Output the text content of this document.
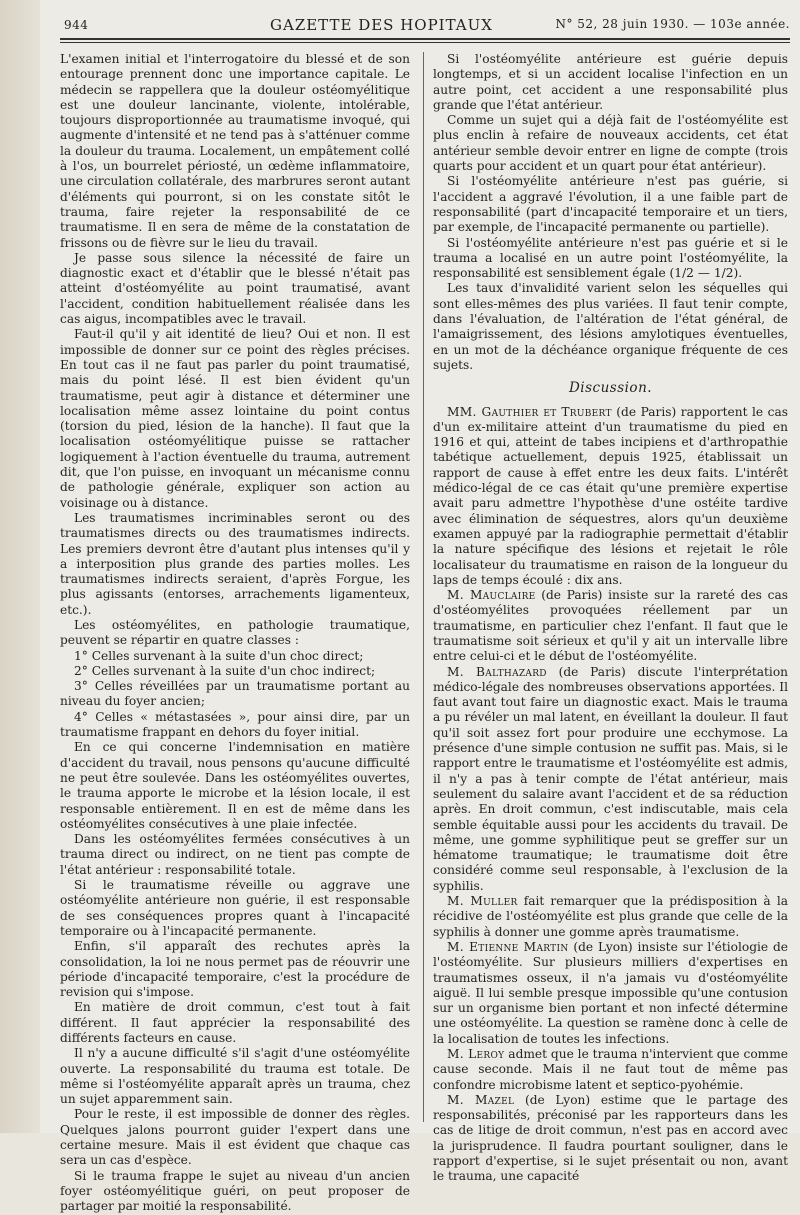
944	GAZETTE DES HOPITAUX	N° 52, 28 juin 1930. — 103e année.

L'examen initial et l'interrogatoire du blessé et de son entourage prennent donc une importance capitale. Le médecin se rappellera que la douleur ostéomyélitique est une douleur lancinante, violente, intolérable, toujours disproportionnée au traumatisme invoqué, qui augmente d'intensité et ne tend pas à s'atténuer comme la douleur du trauma. Localement, un empâtement collé à l'os, un bourrelet périosté, un œdème inflammatoire, une circulation collatérale, des marbrures seront autant d'éléments qui pourront, si on les constate sitôt le trauma, faire rejeter la responsabilité de ce traumatisme. Il en sera de même de la constatation de frissons ou de fièvre sur le lieu du travail.

Je passe sous silence la nécessité de faire un diagnostic exact et d'établir que le blessé n'était pas atteint d'ostéomyélite au point traumatisé, avant l'accident, condition habituellement réalisée dans les cas aigus, incompatibles avec le travail.

Faut-il qu'il y ait identité de lieu? Oui et non. Il est impossible de donner sur ce point des règles précises. En tout cas il ne faut pas parler du point traumatisé, mais du point lésé. Il est bien évident qu'un traumatisme, peut agir à distance et déterminer une localisation même assez lointaine du point contus (torsion du pied, lésion de la hanche). Il faut que la localisation ostéomyélitique puisse se rattacher logiquement à l'action éventuelle du trauma, autrement dit, que l'on puisse, en invoquant un mécanisme connu de pathologie générale, expliquer son action au voisinage ou à distance.

Les traumatismes incriminables seront ou des traumatismes directs ou des traumatismes indirects. Les premiers devront être d'autant plus intenses qu'il y a interposition plus grande des parties molles. Les traumatismes indirects seraient, d'après Forgue, les plus agissants (entorses, arrachements ligamenteux, etc.).

Les ostéomyélites, en pathologie traumatique, peuvent se répartir en quatre classes :

1° Celles survenant à la suite d'un choc direct;

2° Celles survenant à la suite d'un choc indirect;

3° Celles réveillées par un traumatisme portant au niveau du foyer ancien;

4° Celles « métastasées », pour ainsi dire, par un traumatisme frappant en dehors du foyer initial.

En ce qui concerne l'indemnisation en matière d'accident du travail, nous pensons qu'aucune difficulté ne peut être soulevée. Dans les ostéomyélites ouvertes, le trauma apporte le microbe et la lésion locale, il est responsable entièrement. Il en est de même dans les ostéomyélites consécutives à une plaie infectée.

Dans les ostéomyélites fermées consécutives à un trauma direct ou indirect, on ne tient pas compte de l'état antérieur : responsabilité totale.

Si le traumatisme réveille ou aggrave une ostéomyélite antérieure non guérie, il est responsable de ses conséquences propres quant à l'incapacité temporaire ou à l'incapacité permanente.

Enfin, s'il apparaît des rechutes après la consolidation, la loi ne nous permet pas de réouvrir une période d'incapacité temporaire, c'est la procédure de revision qui s'impose.

En matière de droit commun, c'est tout à fait différent. Il faut apprécier la responsabilité des différents facteurs en cause.

Il n'y a aucune difficulté s'il s'agit d'une ostéomyélite ouverte. La responsabilité du trauma est totale. De même si l'ostéomyélite apparaît après un trauma, chez un sujet apparemment sain.

Pour le reste, il est impossible de donner des règles. Quelques jalons pourront guider l'expert dans une certaine mesure. Mais il est évident que chaque cas sera un cas d'espèce.

Si le trauma frappe le sujet au niveau d'un ancien foyer ostéomyélitique guéri, on peut proposer de partager par moitié la responsabilité.

Si l'ostéomyélite antérieure est guérie depuis longtemps, et si un accident localise l'infection en un autre point, cet accident a une responsabilité plus grande que l'état antérieur.

Comme un sujet qui a déjà fait de l'ostéomyélite est plus enclin à refaire de nouveaux accidents, cet état antérieur semble devoir entrer en ligne de compte (trois quarts pour accident et un quart pour état antérieur).

Si l'ostéomyélite antérieure n'est pas guérie, si l'accident a aggravé l'évolution, il a une faible part de responsabilité (part d'incapacité temporaire et un tiers, par exemple, de l'incapacité permanente ou partielle).

Si l'ostéomyélite antérieure n'est pas guérie et si le trauma a localisé en un autre point l'ostéomyélite, la responsabilité est sensiblement égale (1/2 — 1/2).

Les taux d'invalidité varient selon les séquelles qui sont elles-mêmes des plus variées. Il faut tenir compte, dans l'évaluation, de l'altération de l'état général, de l'amaigrissement, des lésions amylotiques éventuelles, en un mot de la déchéance organique fréquente de ces sujets.

Discussion.

MM. Gauthier et Trubert (de Paris) rapportent le cas d'un ex-militaire atteint d'un traumatisme du pied en 1916 et qui, atteint de tabes incipiens et d'arthropathie tabétique actuellement, depuis 1925, établissait un rapport de cause à effet entre les deux faits. L'intérêt médico-légal de ce cas était qu'une première expertise avait paru admettre l'hypothèse d'une ostéite tardive avec élimination de séquestres, alors qu'un deuxième examen appuyé par la radiographie permettait d'établir la nature spécifique des lésions et rejetait le rôle localisateur du traumatisme en raison de la longueur du laps de temps écoulé : dix ans.

M. Mauclaire (de Paris) insiste sur la rareté des cas d'ostéomyélites provoquées réellement par un traumatisme, en particulier chez l'enfant. Il faut que le traumatisme soit sérieux et qu'il y ait un intervalle libre entre celui-ci et le début de l'ostéomyélite.

M. Balthazard (de Paris) discute l'interprétation médico-légale des nombreuses observations apportées. Il faut avant tout faire un diagnostic exact. Mais le trauma a pu révéler un mal latent, en éveillant la douleur. Il faut qu'il soit assez fort pour produire une ecchymose. La présence d'une simple contusion ne suffit pas. Mais, si le rapport entre le traumatisme et l'ostéomyélite est admis, il n'y a pas à tenir compte de l'état antérieur, mais seulement du salaire avant l'accident et de sa réduction après. En droit commun, c'est indiscutable, mais cela semble équitable aussi pour les accidents du travail. De même, une gomme syphilitique peut se greffer sur un hématome traumatique; le traumatisme doit être considéré comme seul responsable, à l'exclusion de la syphilis.

M. Muller fait remarquer que la prédisposition à la récidive de l'ostéomyélite est plus grande que celle de la syphilis à donner une gomme après traumatisme.

M. Etienne Martin (de Lyon) insiste sur l'étiologie de l'ostéomyélite. Sur plusieurs milliers d'expertises en traumatismes osseux, il n'a jamais vu d'ostéomyélite aiguë. Il lui semble presque impossible qu'une contusion sur un organisme bien portant et non infecté détermine une ostéomyélite. La question se ramène donc à celle de la localisation de toutes les infections.

M. Leroy admet que le trauma n'intervient que comme cause seconde. Mais il ne faut tout de même pas confondre microbisme latent et septico-pyohémie.

M. Mazel (de Lyon) estime que le partage des responsabilités, préconisé par les rapporteurs dans les cas de litige de droit commun, n'est pas en accord avec la jurisprudence. Il faudra pourtant souligner, dans le rapport d'expertise, si le sujet présentait ou non, avant le trauma, une capacité
